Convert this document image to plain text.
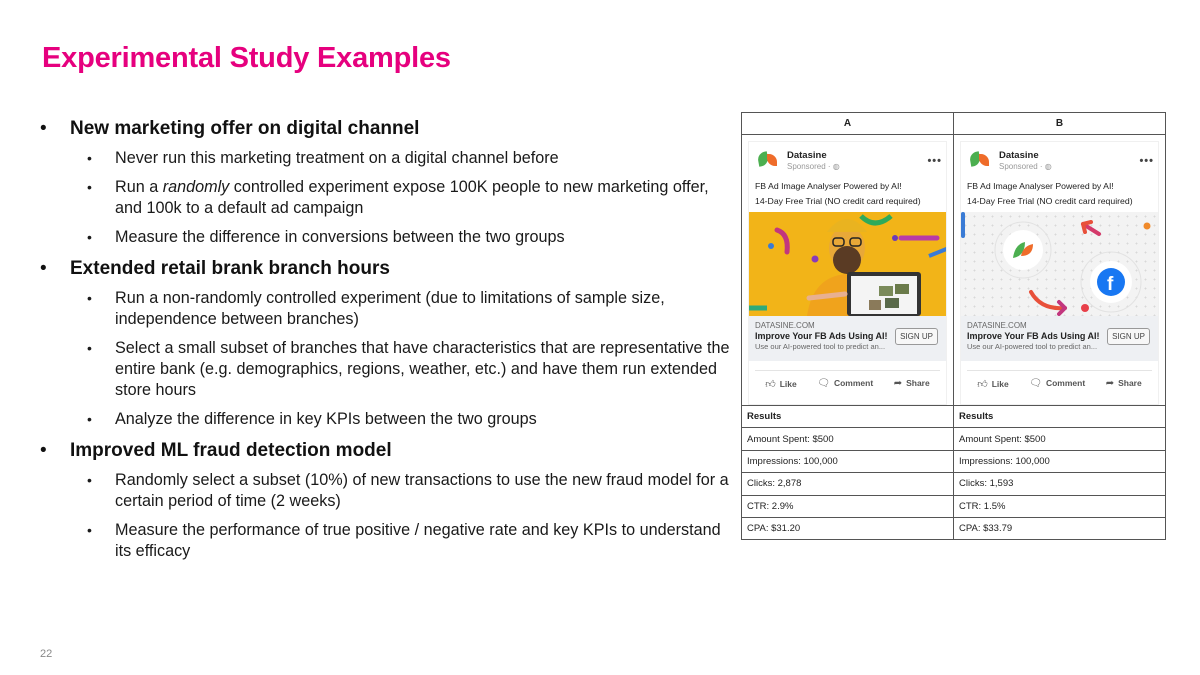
Experimental Study Examples
• New marketing offer on digital channel
• Never run this marketing treatment on a digital channel before
• Run a randomly controlled experiment expose 100K people to new marketing offer, and 100k to a default ad campaign
• Measure the difference in conversions between the two groups
• Extended retail brank branch hours
• Run a non-randomly controlled experiment (due to limitations of sample size, independence between branches)
• Select a small subset of branches that have characteristics that are representative the entire bank (e.g. demographics, regions, weather, etc.) and have them run extended store hours
• Analyze the difference in key KPIs between the two groups
• Improved ML fraud detection model
• Randomly select a subset (10%) of new transactions to use the new fraud model for a certain period of time (2 weeks)
• Measure the performance of true positive / negative rate and key KPIs to understand its efficacy
A	B

Datasine
Sponsored · ◍	•••
FB Ad Image Analyser Powered by AI!
14-Day Free Trial (NO credit card required)
DATASINE.COM
Improve Your FB Ads Using AI!
Use our AI-powered tool to predict an...
SIGN UP
👍︎ Like 🗨︎ Comment ➦ Share

Datasine
Sponsored · ◍	•••
FB Ad Image Analyser Powered by AI!
14-Day Free Trial (NO credit card required)
f
DATASINE.COM
Improve Your FB Ads Using AI!
Use our AI-powered tool to predict an...
SIGN UP
👍︎ Like 🗨︎ Comment ➦ Share

Results	Results
Amount Spent: $500	Amount Spent: $500
Impressions: 100,000	Impressions: 100,000
Clicks: 2,878	Clicks: 1,593
CTR: 2.9%	CTR: 1.5%
CPA: $31.20	CPA: $33.79
22
